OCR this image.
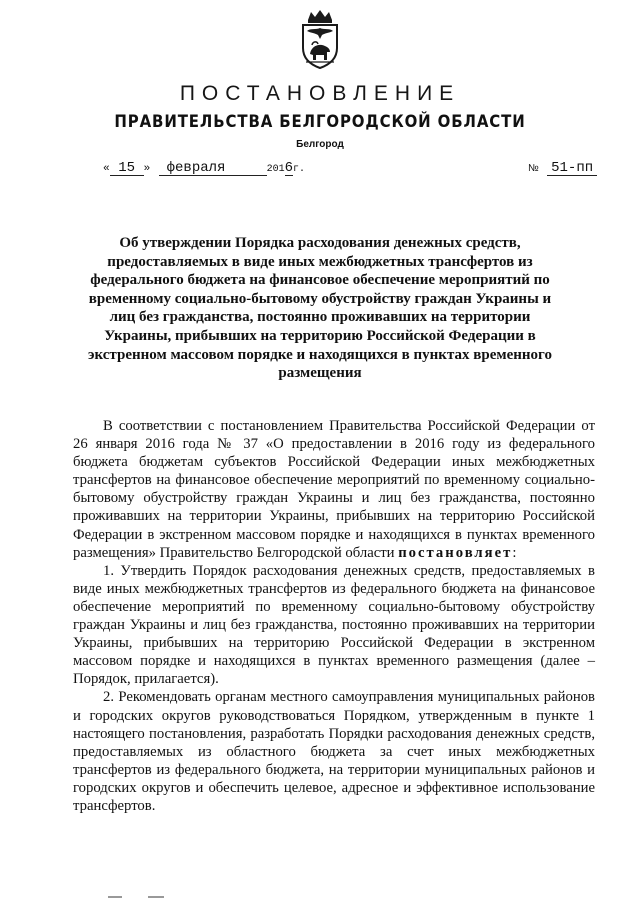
ПОСТАНОВЛЕНИЕ
ПРАВИТЕЛЬСТВА БЕЛГОРОДСКОЙ ОБЛАСТИ
Белгород
« 15 » февраля	2016г.	№ 51-пп
Об утверждении Порядка расходования денежных средств, предоставляемых в виде иных межбюджетных трансфертов из федерального бюджета на финансовое обеспечение мероприятий по временному социально-бытовому обустройству граждан Украины и лиц без гражданства, постоянно проживавших на территории Украины, прибывших на территорию Российской Федерации в экстренном массовом порядке и находящихся в пунктах временного размещения

В соответствии с постановлением Правительства Российской Федерации от 26 января 2016 года № 37 «О предоставлении в 2016 году из федерального бюджета бюджетам субъектов Российской Федерации иных межбюджетных трансфертов на финансовое обеспечение мероприятий по временному социально-бытовому обустройству граждан Украины и лиц без гражданства, постоянно проживавших на территории Украины, прибывших на территорию Российской Федерации в экстренном массовом порядке и находящихся в пунктах временного размещения» Правительство Белгородской области постановляет:

1. Утвердить Порядок расходования денежных средств, предоставляемых в виде иных межбюджетных трансфертов из федерального бюджета на финансовое обеспечение мероприятий по временному социально-бытовому обустройству граждан Украины и лиц без гражданства, постоянно проживавших на территории Украины, прибывших на территорию Российской Федерации в экстренном массовом порядке и находящихся в пунктах временного размещения (далее – Порядок, прилагается).

2. Рекомендовать органам местного самоуправления муниципальных районов и городских округов руководствоваться Порядком, утвержденным в пункте 1 настоящего постановления, разработать Порядки расходования денежных средств, предоставляемых из областного бюджета за счет иных межбюджетных трансфертов из федерального бюджета, на территории муниципальных районов и городских округов и обеспечить целевое, адресное и эффективное использование трансфертов.
